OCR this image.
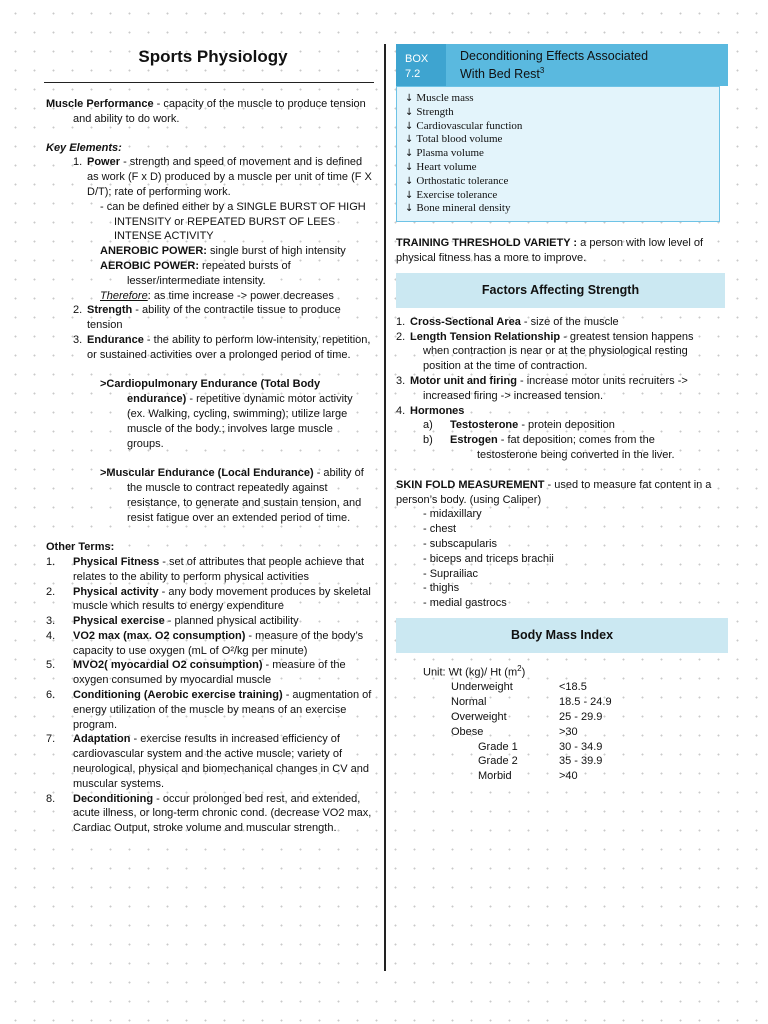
Sports Physiology

Muscle Performance - capacity of the muscle to produce tension and ability to do work.

Key Elements:

1. Power - strength and speed of movement and is defined as work (F x D) produced by a muscle per unit of time (F X D/T); rate of performing work.

- can be defined either by a SINGLE BURST OF HIGH INTENSITY or REPEATED BURST OF LEES INTENSE ACTIVITY

ANEROBIC POWER: single burst of high intensity

AEROBIC POWER: repeated bursts of lesser/intermediate intensity.

Therefore: as time increase -> power decreases

2. Strength - ability of the contractile tissue to produce tension
3. Endurance - the ability to perform low-intensity, repetition, or sustained activities over a prolonged period of time.

>Cardiopulmonary Endurance (Total Body endurance) - repetitive dynamic motor activity (ex. Walking, cycling, swimming); utilize large muscle of the body.; involves large muscle groups.

>Muscular Endurance (Local Endurance) - ability of the muscle to contract repeatedly against resistance, to generate and sustain tension, and resist fatigue over an extended period of time.

Other Terms:

1. Physical Fitness - set of attributes that people achieve that relates to the ability to perform physical activities
2. Physical activity - any body movement produces by skeletal muscle which results to energy expenditure
3. Physical exercise - planned physical actibility
4. VO2 max (max. O2 consumption) - measure of the body’s capacity to use oxygen (mL of O²/kg per minute)
5. MVO2( myocardial O2 consumption) - measure of the oxygen consumed by myocardial muscle
6. Conditioning (Aerobic exercise training) - augmentation of energy utilization of the muscle by means of an exercise program.
7. Adaptation - exercise results in increased efficiency of cardiovascular system and the active muscle; variety of neurological, physical and biomechanical changes in CV and muscular systems.
8. Deconditioning - occur prolonged bed rest, and extended, acute illness, or long-term chronic cond. (decrease VO2 max, Cardiac Output, stroke volume and muscular strength.
BOX 7.2
Deconditioning Effects Associated
With Bed Rest$^3$
↓ Muscle mass
↓ Strength
↓ Cardiovascular function
↓ Total blood volume
↓ Plasma volume
↓ Heart volume
↓ Orthostatic tolerance
↓ Exercise tolerance
↓ Bone mineral density

TRAINING THRESHOLD VARIETY : a person with low level of physical fitness has a more to improve.

Factors Affecting Strength
1. Cross-Sectional Area - size of the muscle
2. Length Tension Relationship - greatest tension happens

when contraction is near or at the physiological resting position at the time of contraction.

3. Motor unit and firing - increase motor units recruiters ->

increased firing -> increased tension.

4. Hormones
a) Testosterone - protein deposition
b) Estrogen - fat deposition; comes from the

testosterone being converted in the liver.

SKIN FOLD MEASUREMENT - used to measure fat content in a person’s body. (using Caliper)

- midaxillary

- chest

- subscapularis

- biceps and triceps brachii

- Suprailiac

- thighs

- medial gastrocs

Body Mass Index

Unit: Wt (kg)/ Ht $(m^2)$

Underweight	<18.5
Normal	18.5 - 24.9
Overweight	25 - 29.9
Obese	>30
Grade 1	30 - 34.9
Grade 2	35 - 39.9
Morbid	>40
